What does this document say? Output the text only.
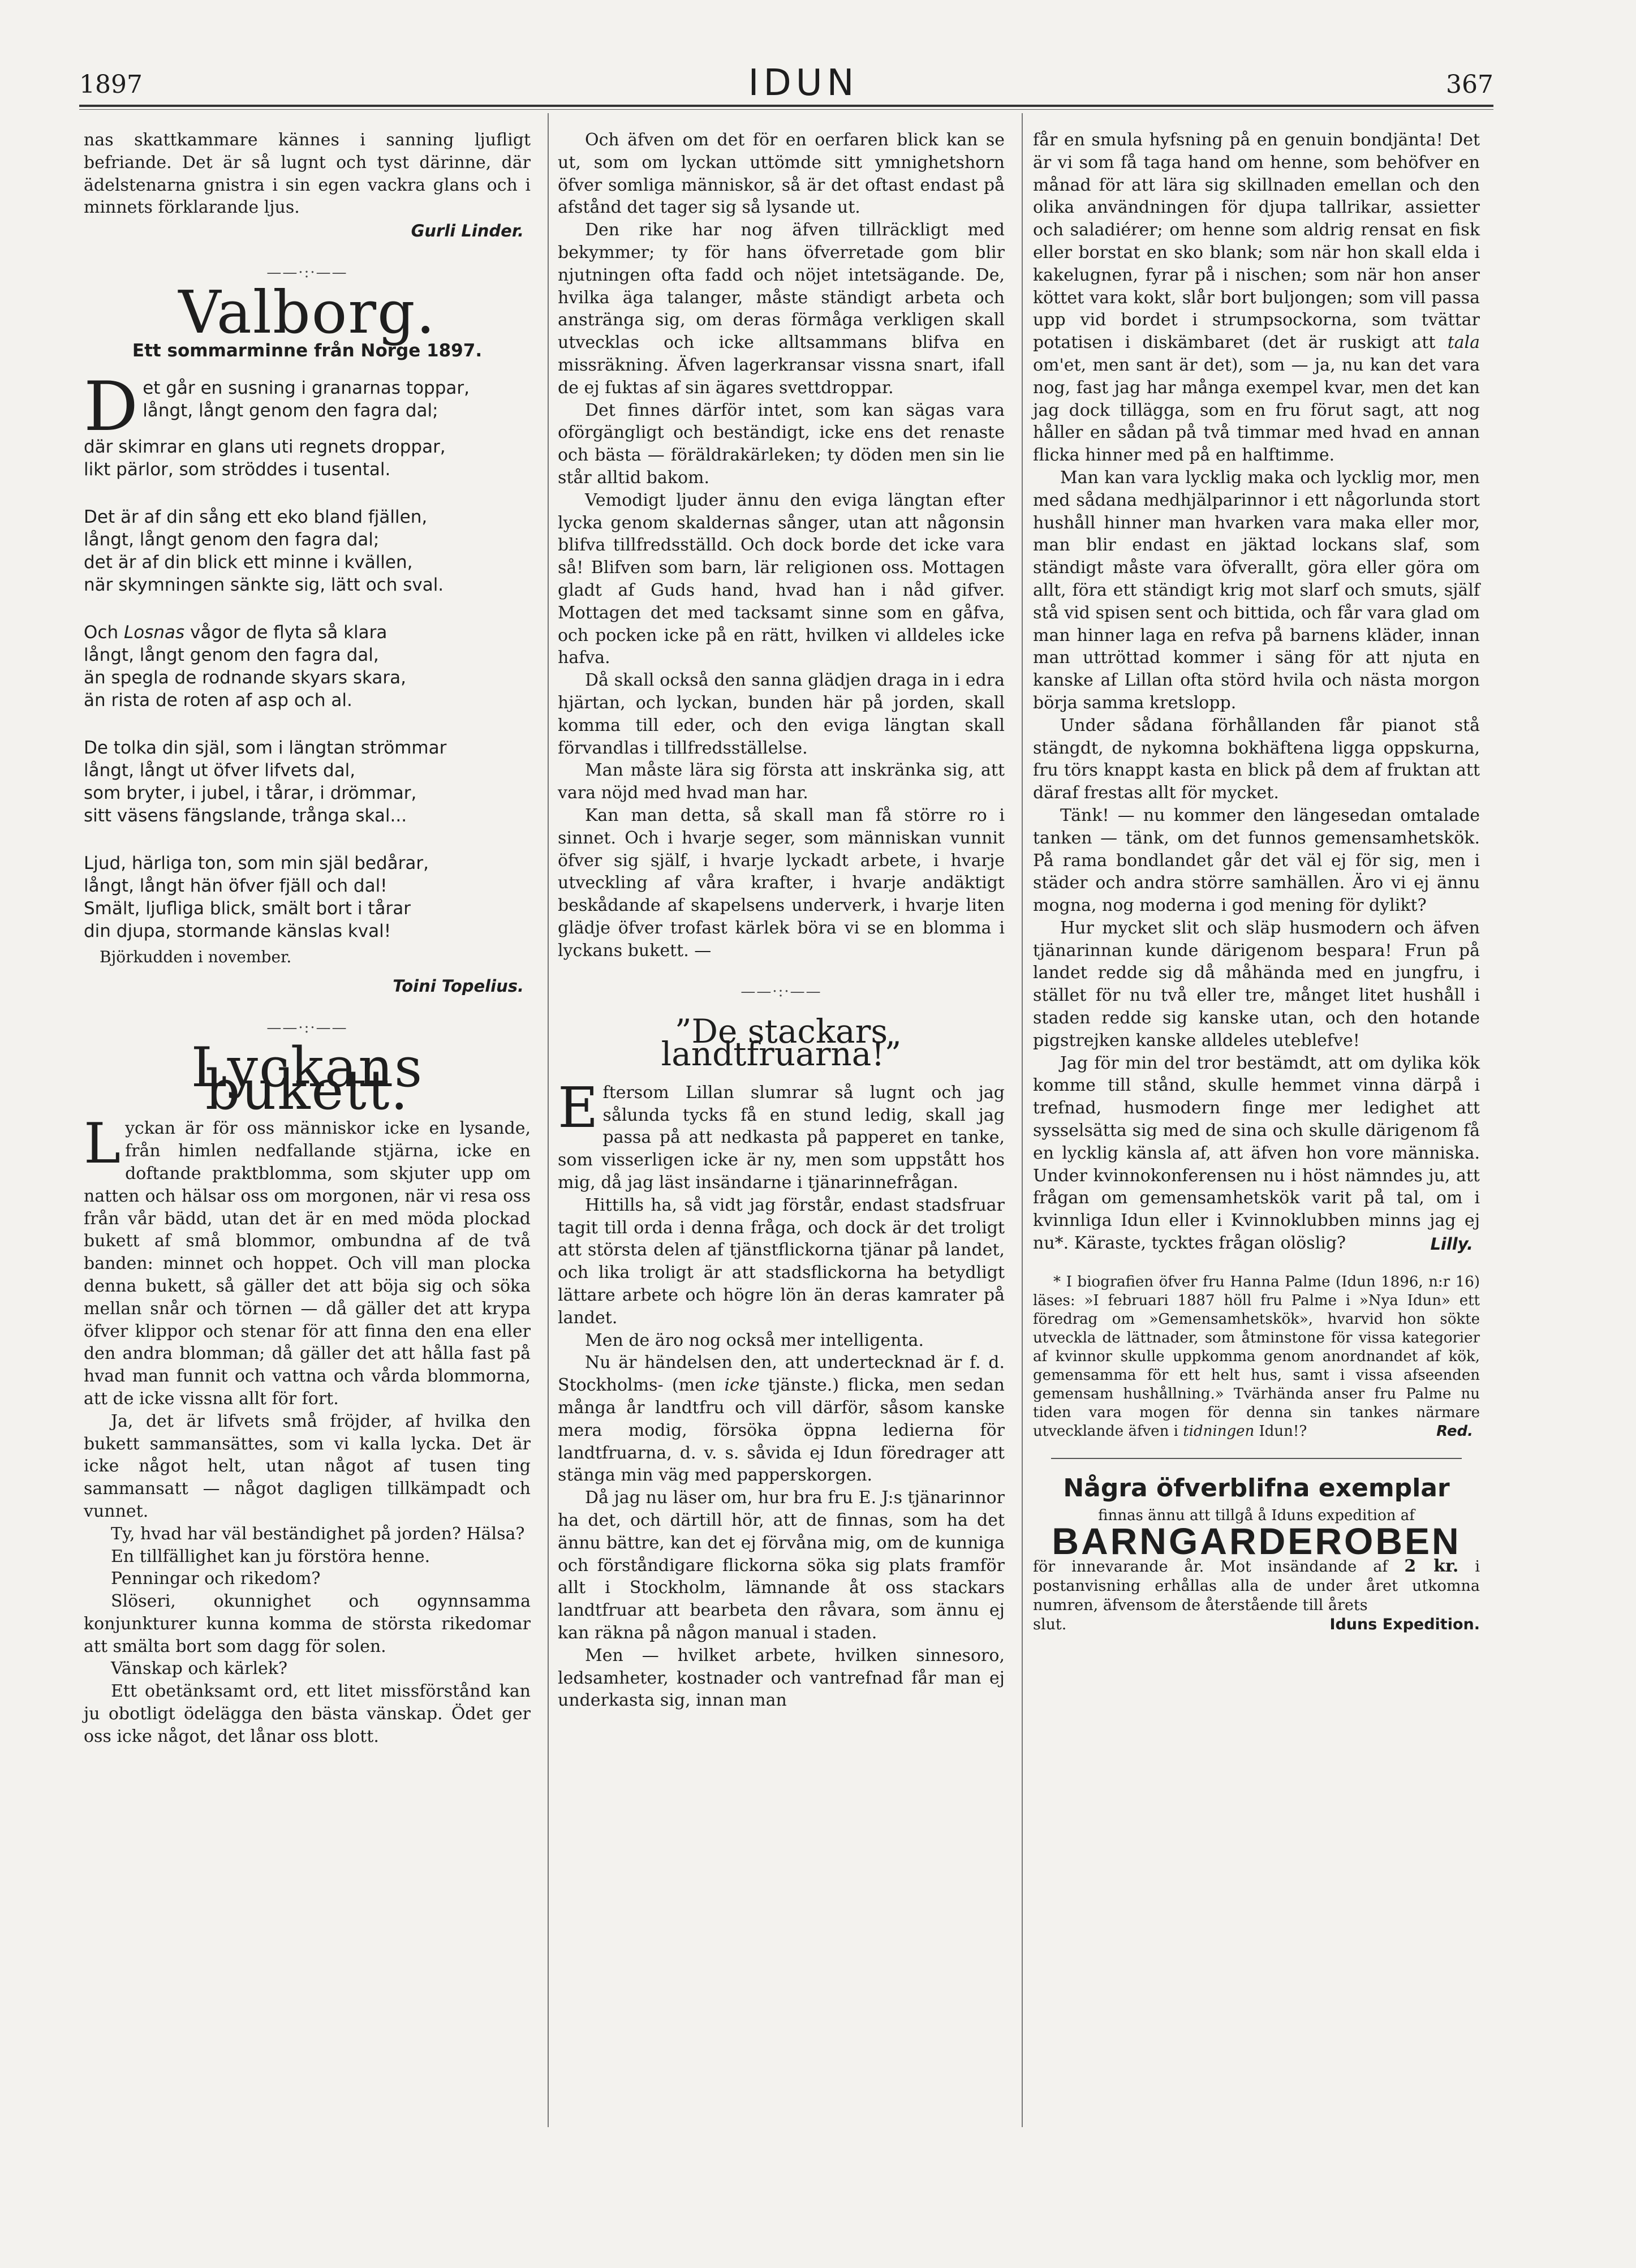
1897	IDUN	367

nas skattkammare kännes i sanning ljufligt befriande. Det är så lugnt och tyst därinne, där ädelstenarna gnistra i sin egen vackra glans och i minnets förklarande ljus.

Gurli Linder.
——·:·——
Valborg.
Ett sommarminne från Norge 1897.
D et går en susning i granarnas toppar,
långt, långt genom den fagra dal;
där skimrar en glans uti regnets droppar,
likt pärlor, som ströddes i tusental.
Det är af din sång ett eko bland fjällen,
långt, långt genom den fagra dal;
det är af din blick ett minne i kvällen,
när skymningen sänkte sig, lätt och sval.
Och Losnas vågor de flyta så klara
långt, långt genom den fagra dal,
än spegla de rodnande skyars skara,
än rista de roten af asp och al.
De tolka din själ, som i längtan strömmar
långt, långt ut öfver lifvets dal,
som bryter, i jubel, i tårar, i drömmar,
sitt väsens fängslande, trånga skal...
Ljud, härliga ton, som min själ bedårar,
långt, långt hän öfver fjäll och dal!
Smält, ljufliga blick, smält bort i tårar
din djupa, stormande känslas kval!
Björkudden i november.
Toini Topelius.
——·:·——
Lyckans bukett.

Lyckan är för oss människor icke en lysande, från himlen nedfallande stjärna, icke en doftande praktblomma, som skjuter upp om natten och hälsar oss om morgonen, när vi resa oss från vår bädd, utan det är en med möda plockad bukett af små blommor, ombundna af de två banden: minnet och hoppet. Och vill man plocka denna bukett, så gäller det att böja sig och söka mellan snår och törnen — då gäller det att krypa öfver klippor och stenar för att finna den ena eller den andra blomman; då gäller det att hålla fast på hvad man funnit och vattna och vårda blommorna, att de icke vissna allt för fort.

Ja, det är lifvets små fröjder, af hvilka den bukett sammansättes, som vi kalla lycka. Det är icke något helt, utan något af tusen ting sammansatt — något dagligen tillkämpadt och vunnet.

Ty, hvad har väl beständighet på jorden? Hälsa?

En tillfällighet kan ju förstöra henne.

Penningar och rikedom?

Slöseri, okunnighet och ogynnsamma konjunkturer kunna komma de största rikedomar att smälta bort som dagg för solen.

Vänskap och kärlek?

Ett obetänksamt ord, ett litet missförstånd kan ju obotligt ödelägga den bästa vänskap. Ödet ger oss icke något, det lånar oss blott.

Och äfven om det för en oerfaren blick kan se ut, som om lyckan uttömde sitt ymnighetshorn öfver somliga människor, så är det oftast endast på afstånd det tager sig så lysande ut.

Den rike har nog äfven tillräckligt med bekymmer; ty för hans öfverretade gom blir njutningen ofta fadd och nöjet intetsägande. De, hvilka äga talanger, måste ständigt arbeta och anstränga sig, om deras förmåga verkligen skall utvecklas och icke alltsammans blifva en missräkning. Äfven lagerkransar vissna snart, ifall de ej fuktas af sin ägares svettdroppar.

Det finnes därför intet, som kan sägas vara oförgängligt och beständigt, icke ens det renaste och bästa — föräldrakärleken; ty döden men sin lie står alltid bakom.

Vemodigt ljuder ännu den eviga längtan efter lycka genom skaldernas sånger, utan att någonsin blifva tillfredsställd. Och dock borde det icke vara så! Blifven som barn, lär religionen oss. Mottagen gladt af Guds hand, hvad han i nåd gifver. Mottagen det med tacksamt sinne som en gåfva, och pocken icke på en rätt, hvilken vi alldeles icke hafva.

Då skall också den sanna glädjen draga in i edra hjärtan, och lyckan, bunden här på jorden, skall komma till eder, och den eviga längtan skall förvandlas i tillfredsställelse.

Man måste lära sig första att inskränka sig, att vara nöjd med hvad man har.

Kan man detta, så skall man få större ro i sinnet. Och i hvarje seger, som människan vunnit öfver sig själf, i hvarje lyckadt arbete, i hvarje utveckling af våra krafter, i hvarje andäktigt beskådande af skapelsens underverk, i hvarje liten glädje öfver trofast kärlek böra vi se en blomma i lyckans bukett. —

——·:·——
”De stackars landtfruarna!”

Eftersom Lillan slumrar så lugnt och jag sålunda tycks få en stund ledig, skall jag passa på att nedkasta på papperet en tanke, som visserligen icke är ny, men som uppstått hos mig, då jag läst insändarne i tjänarinnefrågan.

Hittills ha, så vidt jag förstår, endast stadsfruar tagit till orda i denna fråga, och dock är det troligt att största delen af tjänstflickorna tjänar på landet, och lika troligt är att stadsflickorna ha betydligt lättare arbete och högre lön än deras kamrater på landet.

Men de äro nog också mer intelligenta.

Nu är händelsen den, att undertecknad är f. d. Stockholms- (men icke tjänste.) flicka, men sedan många år landtfru och vill därför, såsom kanske mera modig, försöka öppna ledierna för landtfruarna, d. v. s. såvida ej Idun föredrager att stänga min väg med papperskorgen.

Då jag nu läser om, hur bra fru E. J:s tjänarinnor ha det, och därtill hör, att de finnas, som ha det ännu bättre, kan det ej förvåna mig, om de kunniga och förståndigare flickorna söka sig plats framför allt i Stockholm, lämnande åt oss stackars landtfruar att bearbeta den råvara, som ännu ej kan räkna på någon manual i staden.

Men — hvilket arbete, hvilken sinnesoro, ledsamheter, kostnader och vantrefnad får man ej underkasta sig, innan man

får en smula hyfsning på en genuin bondjänta! Det är vi som få taga hand om henne, som behöfver en månad för att lära sig skillnaden emellan och den olika användningen för djupa tallrikar, assietter och saladiérer; om henne som aldrig rensat en fisk eller borstat en sko blank; som när hon skall elda i kakelugnen, fyrar på i nischen; som när hon anser köttet vara kokt, slår bort buljongen; som vill passa upp vid bordet i strumpsockorna, som tvättar potatisen i diskämbaret (det är ruskigt att tala om'et, men sant är det), som — ja, nu kan det vara nog, fast jag har många exempel kvar, men det kan jag dock tillägga, som en fru förut sagt, att nog håller en sådan på två timmar med hvad en annan flicka hinner med på en halftimme.

Man kan vara lycklig maka och lycklig mor, men med sådana medhjälparinnor i ett någorlunda stort hushåll hinner man hvarken vara maka eller mor, man blir endast en jäktad lockans slaf, som ständigt måste vara öfverallt, göra eller göra om allt, föra ett ständigt krig mot slarf och smuts, själf stå vid spisen sent och bittida, och får vara glad om man hinner laga en refva på barnens kläder, innan man uttröttad kommer i säng för att njuta en kanske af Lillan ofta störd hvila och nästa morgon börja samma kretslopp.

Under sådana förhållanden får pianot stå stängdt, de nykomna bokhäftena ligga oppskurna, fru törs knappt kasta en blick på dem af fruktan att däraf frestas allt för mycket.

Tänk! — nu kommer den längesedan omtalade tanken — tänk, om det funnos gemensamhetskök. På rama bondlandet går det väl ej för sig, men i städer och andra större samhällen. Äro vi ej ännu mogna, nog moderna i god mening för dylikt?

Hur mycket slit och släp husmodern och äfven tjänarinnan kunde därigenom bespara! Frun på landet redde sig då måhända med en jungfru, i stället för nu två eller tre, månget litet hushåll i staden redde sig kanske utan, och den hotande pigstrejken kanske alldeles uteblefve!

Jag för min del tror bestämdt, att om dylika kök komme till stånd, skulle hemmet vinna därpå i trefnad, husmodern finge mer ledighet att sysselsätta sig med de sina och skulle därigenom få en lycklig känsla af, att äfven hon vore människa. Under kvinnokonferensen nu i höst nämndes ju, att frågan om gemensamhetskök varit på tal, om i kvinnliga Idun eller i Kvinnoklubben minns jag ej nu*. Käraste, tycktes frågan olöslig?	Lilly.

* I biografien öfver fru Hanna Palme (Idun 1896, n:r 16) läses: »I februari 1887 höll fru Palme i »Nya Idun» ett föredrag om »Gemensamhetskök», hvarvid hon sökte utveckla de lättnader, som åtminstone för vissa kategorier af kvinnor skulle uppkomma genom anordnandet af kök, gemensamma för ett helt hus, samt i vissa afseenden gemensam hushållning.» Tvärhända anser fru Palme nu tiden vara mogen för denna sin tankes närmare utvecklande äfven i tidningen Idun!?	Red.
Några öfverblifna exemplar
finnas ännu att tillgå å Iduns expedition af
BARNGARDEROBEN
för innevarande år. Mot insändande af 2 kr. i postanvisning erhållas alla de under året utkomna numren, äfvensom de återstående till årets
slut.	Iduns Expedition.
